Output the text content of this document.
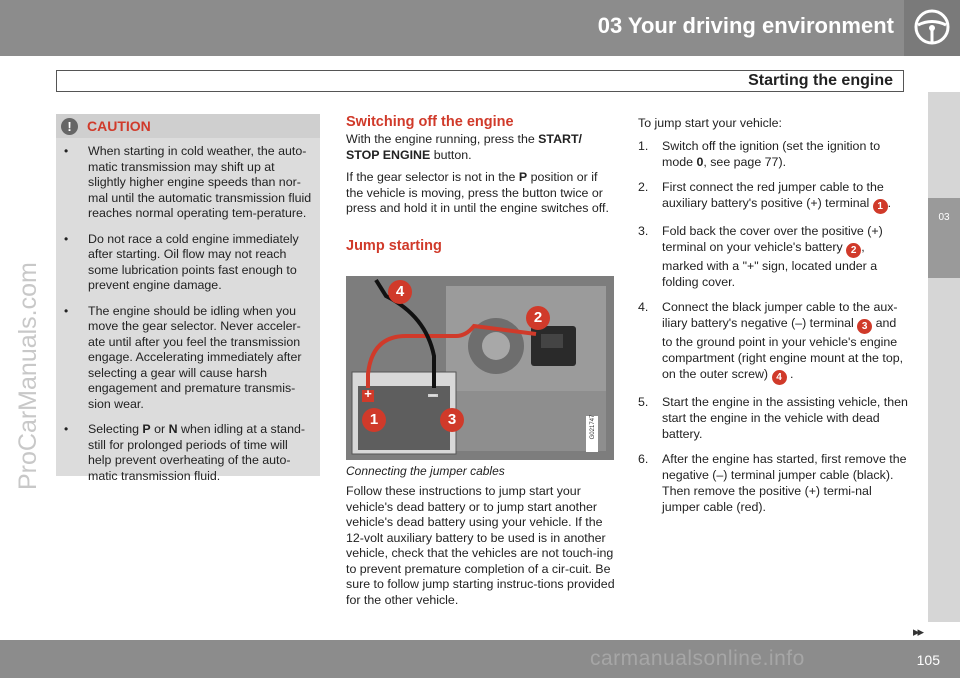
03 Your driving environment
Starting the engine
03
ProCarManuals.com
!	CAUTION
• When starting in cold weather, the auto-matic transmission may shift up at slightly higher engine speeds than nor-mal until the automatic transmission fluid reaches normal operating tem-perature.
• Do not race a cold engine immediately after starting. Oil flow may not reach some lubrication points fast enough to prevent engine damage.
• The engine should be idling when you move the gear selector. Never acceler-ate until after you feel the transmission engage. Accelerating immediately after selecting a gear will cause harsh engagement and premature transmis-sion wear.
• Selecting P or N when idling at a stand-still for prolonged periods of time will help prevent overheating of the auto-matic transmission fluid.
Switching off the engine

With the engine running, press the START/ STOP ENGINE button.

If the gear selector is not in the P position or if the vehicle is moving, press the button twice or press and hold it in until the engine switches off.

Jump starting
+	–
1
2
3
4
G021747
Connecting the jumper cables

Follow these instructions to jump start your vehicle's dead battery or to jump start another vehicle's dead battery using your vehicle. If the 12-volt auxiliary battery to be used is in another vehicle, check that the vehicles are not touch-ing to prevent premature completion of a cir-cuit. Be sure to follow jump starting instruc-tions provided for the other vehicle.

To jump start your vehicle:

1. Switch off the ignition (set the ignition to mode 0, see page 77).
2. First connect the red jumper cable to the auxiliary battery's positive (+) terminal 1 .
3. Fold back the cover over the positive (+) terminal on your vehicle's battery 2 , marked with a "+" sign, located under a folding cover.
4. Connect the black jumper cable to the aux-iliary battery's negative (–) terminal 3 and to the ground point in your vehicle's engine compartment (right engine mount at the top, on the outer screw) 4 .
5. Start the engine in the assisting vehicle, then start the engine in the vehicle with dead battery.
6. After the engine has started, first remove the negative (–) terminal jumper cable (black). Then remove the positive (+) termi-nal jumper cable (red).
▸▸
105
carmanualsonline.info
